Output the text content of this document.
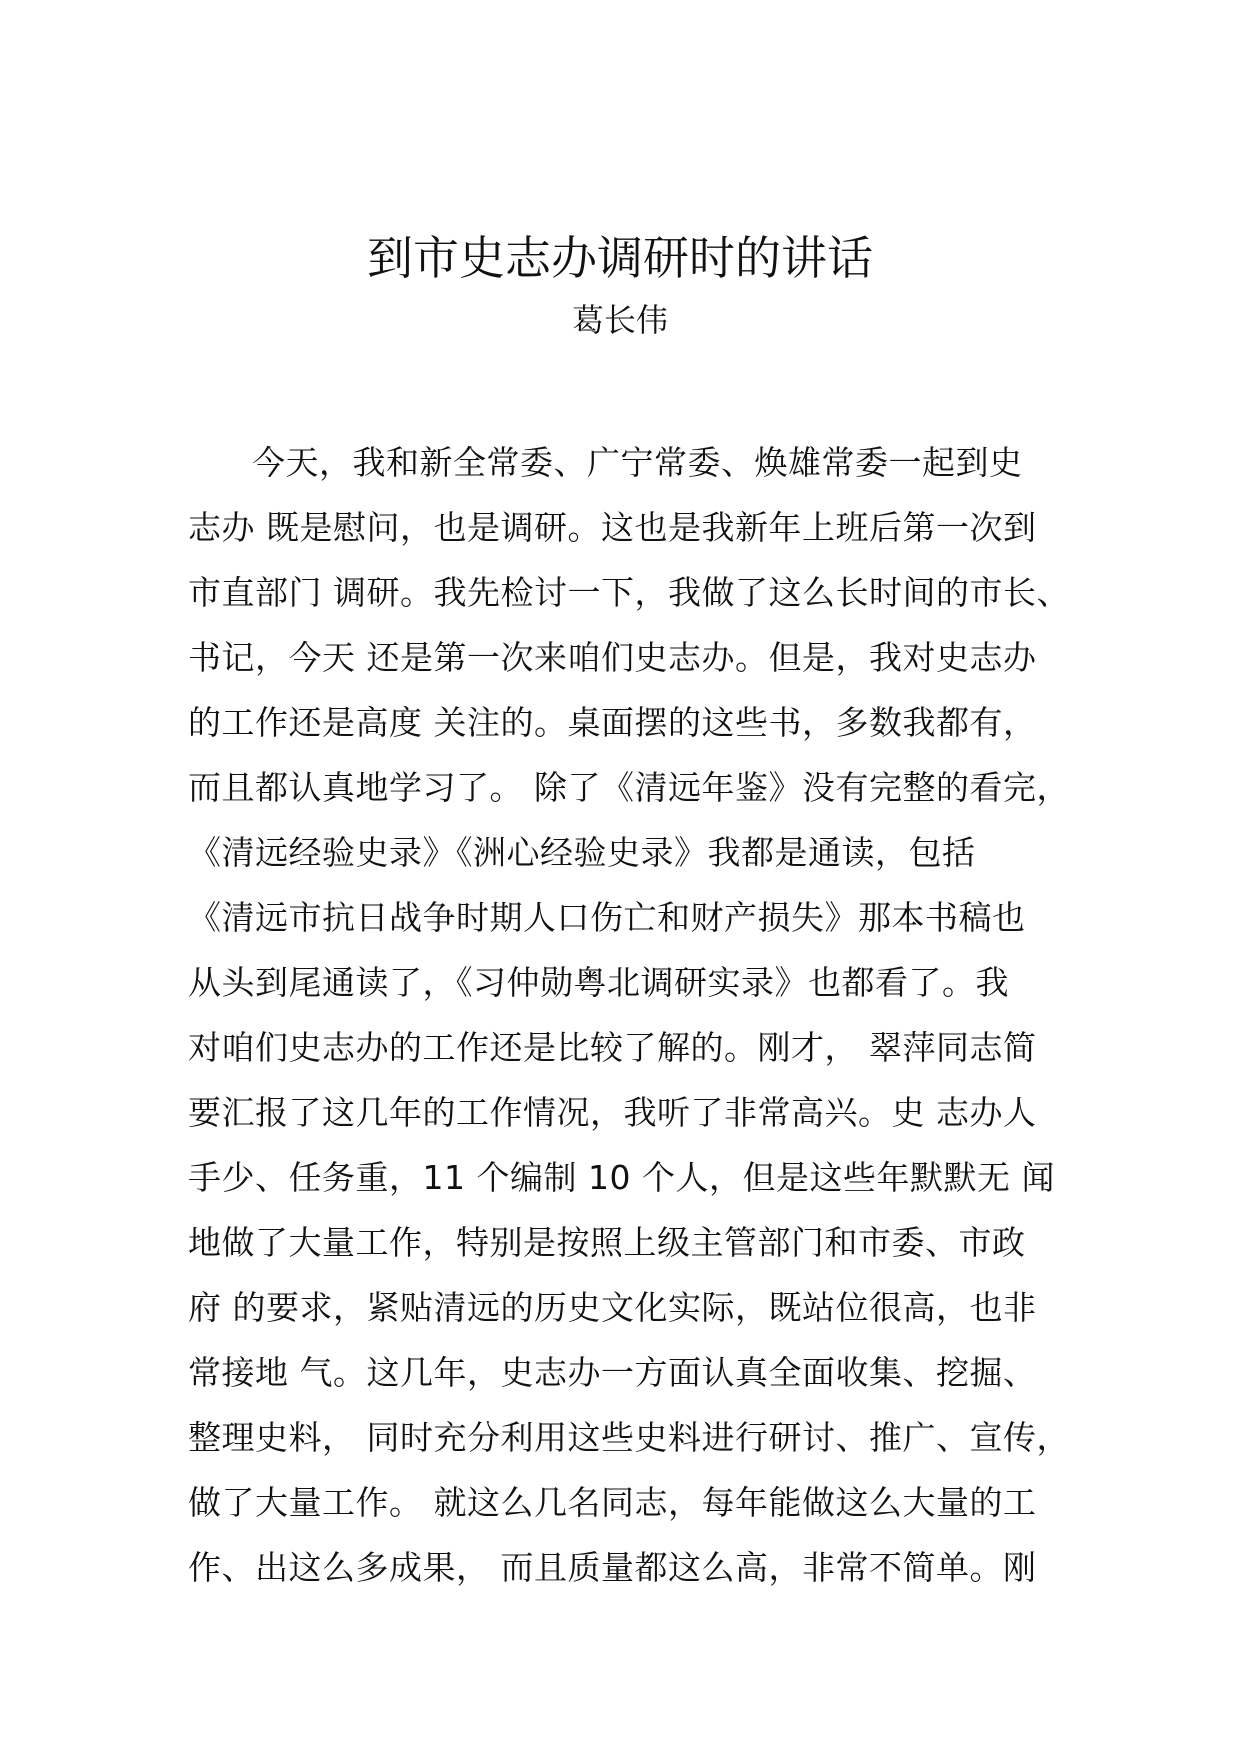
到市史志办调研时的讲话
葛长伟
今天，我和新全常委、广宁常委、焕雄常委一起到史
志办 既是慰问，也是调研。这也是我新年上班后第一次到
市直部门 调研。我先检讨一下，我做了这么长时间的市长、
书记，今天 还是第一次来咱们史志办。但是，我对史志办
的工作还是高度 关注的。桌面摆的这些书，多数我都有，
而且都认真地学习了。 除了《清远年鉴》没有完整的看完，
《清远经验史录》《洲心经验史录》我都是通读，包括
《清远市抗日战争时期人口伤亡和财产损失》那本书稿也
从头到尾通读了，《习仲勋粤北调研实录》也都看了。我
对咱们史志办的工作还是比较了解的。刚才， 翠萍同志简
要汇报了这几年的工作情况，我听了非常高兴。史 志办人
手少、任务重，11 个编制 10 个人，但是这些年默默无 闻
地做了大量工作，特别是按照上级主管部门和市委、市政
府 的要求，紧贴清远的历史文化实际，既站位很高，也非
常接地 气。这几年，史志办一方面认真全面收集、挖掘、
整理史料， 同时充分利用这些史料进行研讨、推广、宣传，
做了大量工作。 就这么几名同志，每年能做这么大量的工
作、出这么多成果， 而且质量都这么高，非常不简单。刚
